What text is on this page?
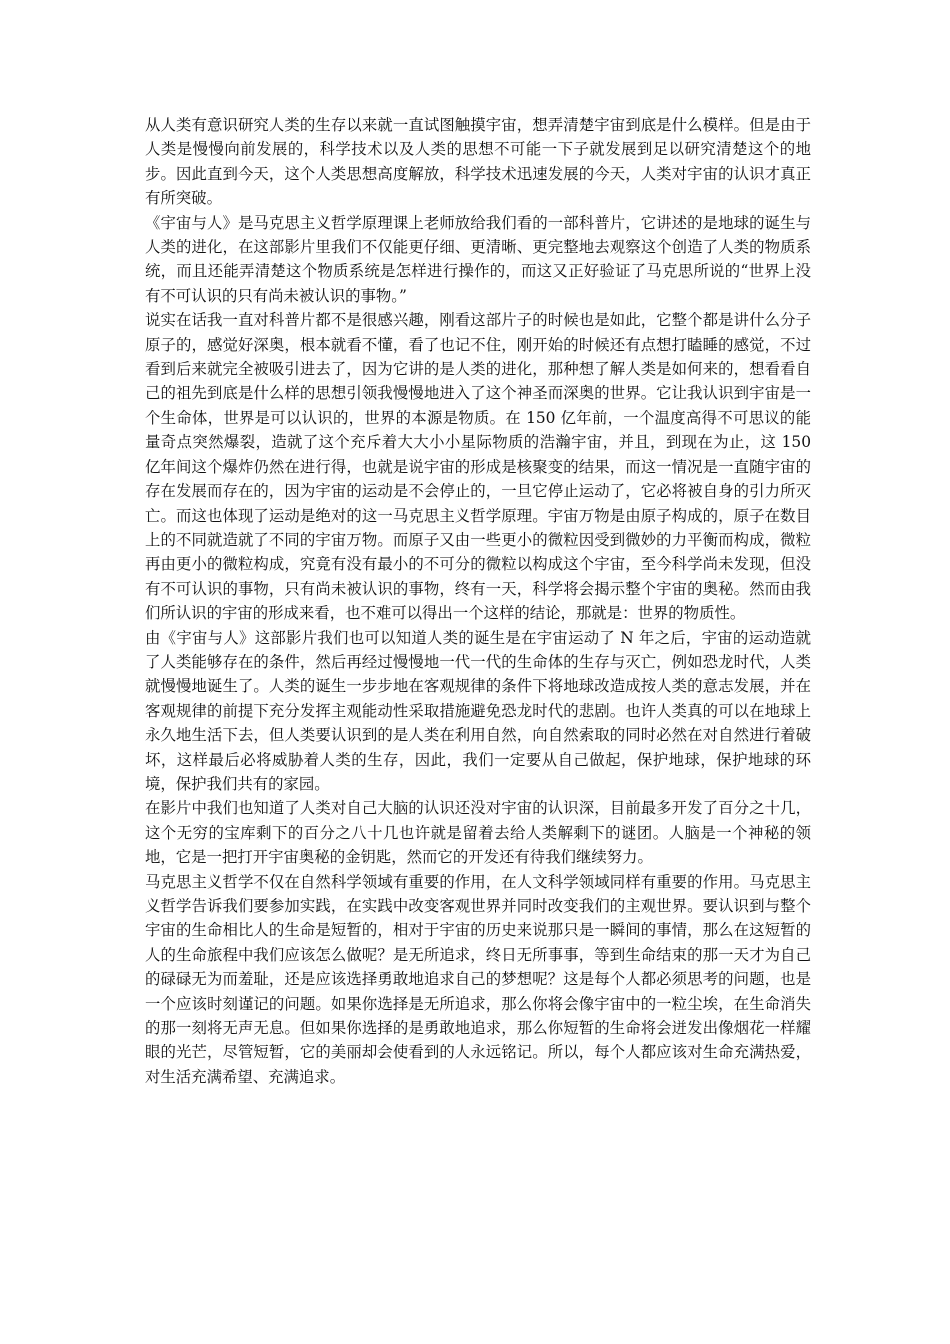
从人类有意识研究人类的生存以来就一直试图触摸宇宙，想弄清楚宇宙到底是什么模样。但是由于人类是慢慢向前发展的，科学技术以及人类的思想不可能一下子就发展到足以研究清楚这个的地步。因此直到今天，这个人类思想高度解放，科学技术迅速发展的今天，人类对宇宙的认识才真正有所突破。

《宇宙与人》是马克思主义哲学原理课上老师放给我们看的一部科普片，它讲述的是地球的诞生与人类的进化，在这部影片里我们不仅能更仔细、更清晰、更完整地去观察这个创造了人类的物质系统，而且还能弄清楚这个物质系统是怎样进行操作的，而这又正好验证了马克思所说的“世界上没有不可认识的只有尚未被认识的事物。”

说实在话我一直对科普片都不是很感兴趣，刚看这部片子的时候也是如此，它整个都是讲什么分子原子的，感觉好深奥，根本就看不懂，看了也记不住，刚开始的时候还有点想打瞌睡的感觉，不过看到后来就完全被吸引进去了，因为它讲的是人类的进化，那种想了解人类是如何来的，想看看自己的祖先到底是什么样的思想引领我慢慢地进入了这个神圣而深奥的世界。它让我认识到宇宙是一个生命体，世界是可以认识的，世界的本源是物质。在 150 亿年前，一个温度高得不可思议的能量奇点突然爆裂，造就了这个充斥着大大小小星际物质的浩瀚宇宙，并且，到现在为止，这 150 亿年间这个爆炸仍然在进行得，也就是说宇宙的形成是核聚变的结果，而这一情况是一直随宇宙的存在发展而存在的，因为宇宙的运动是不会停止的，一旦它停止运动了，它必将被自身的引力所灭亡。而这也体现了运动是绝对的这一马克思主义哲学原理。宇宙万物是由原子构成的，原子在数目上的不同就造就了不同的宇宙万物。而原子又由一些更小的微粒因受到微妙的力平衡而构成，微粒再由更小的微粒构成，究竟有没有最小的不可分的微粒以构成这个宇宙，至今科学尚未发现，但没有不可认识的事物，只有尚未被认识的事物，终有一天，科学将会揭示整个宇宙的奥秘。然而由我们所认识的宇宙的形成来看，也不难可以得出一个这样的结论，那就是：世界的物质性。

由《宇宙与人》这部影片我们也可以知道人类的诞生是在宇宙运动了 N 年之后，宇宙的运动造就了人类能够存在的条件，然后再经过慢慢地一代一代的生命体的生存与灭亡，例如恐龙时代，人类就慢慢地诞生了。人类的诞生一步步地在客观规律的条件下将地球改造成按人类的意志发展，并在客观规律的前提下充分发挥主观能动性采取措施避免恐龙时代的悲剧。也许人类真的可以在地球上永久地生活下去，但人类要认识到的是人类在利用自然，向自然索取的同时必然在对自然进行着破坏，这样最后必将威胁着人类的生存，因此，我们一定要从自己做起，保护地球，保护地球的环境，保护我们共有的家园。

在影片中我们也知道了人类对自己大脑的认识还没对宇宙的认识深，目前最多开发了百分之十几，这个无穷的宝库剩下的百分之八十几也许就是留着去给人类解剩下的谜团。人脑是一个神秘的领地，它是一把打开宇宙奥秘的金钥匙，然而它的开发还有待我们继续努力。

马克思主义哲学不仅在自然科学领域有重要的作用，在人文科学领域同样有重要的作用。马克思主义哲学告诉我们要参加实践，在实践中改变客观世界并同时改变我们的主观世界。要认识到与整个宇宙的生命相比人的生命是短暂的，相对于宇宙的历史来说那只是一瞬间的事情，那么在这短暂的人的生命旅程中我们应该怎么做呢？是无所追求，终日无所事事，等到生命结束的那一天才为自己的碌碌无为而羞耻，还是应该选择勇敢地追求自己的梦想呢？这是每个人都必须思考的问题，也是一个应该时刻谨记的问题。如果你选择是无所追求，那么你将会像宇宙中的一粒尘埃，在生命消失的那一刻将无声无息。但如果你选择的是勇敢地追求，那么你短暂的生命将会迸发出像烟花一样耀眼的光芒，尽管短暂，它的美丽却会使看到的人永远铭记。所以，每个人都应该对生命充满热爱，对生活充满希望、充满追求。
